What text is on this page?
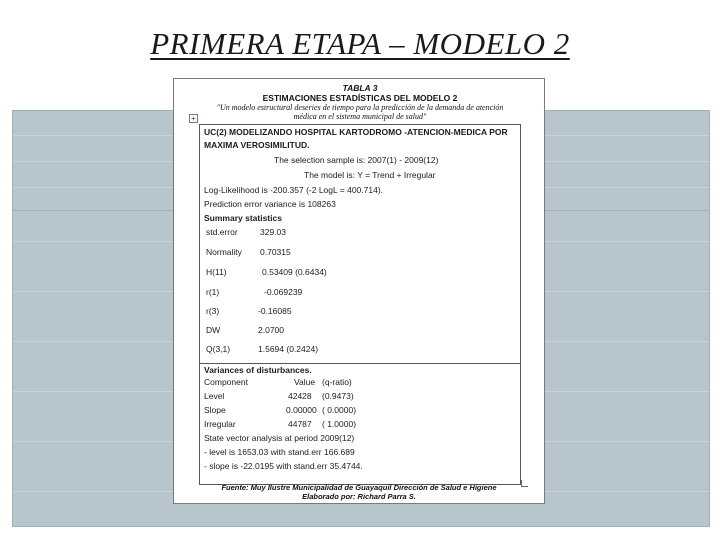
PRIMERA ETAPA – MODELO 2
TABLA 3
ESTIMACIONES ESTADÍSTICAS DEL MODELO 2
"Un modelo estructural deseries de tiempo para la predicción de la demanda de atención
médica en el sistema municipal de salud"
+
UC(2) MODELIZANDO HOSPITAL KARTODROMO -ATENCION-MEDICA POR
MAXIMA VEROSIMILITUD.
The selection sample is: 2007(1) - 2009(12)
The model is: Y = Trend + Irregular
Log-Likelihood is -200.357 (-2 LogL = 400.714).
Prediction error variance is 108263
Summary statistics
std.error	329.03
Normality 0.70315
H(11)	0.53409 (0.6434)
r(1)	-0.069239
r(3)	-0.16085
DW	2.0700
Q(3,1)	1.5694 (0.2424)
Variances of disturbances.
Component	Value (q-ratio)
Level	42428 (0.9473)
Slope	0.00000 ( 0.0000)
Irregular	44787 ( 1.0000)
State vector analysis at period 2009(12)
- level is 1653.03 with stand.err 166.689
- slope is -22.0195 with stand.err 35.4744.
Fuente: Muy Ilustre Municipalidad de Guayaquil Dirección de Salud e Higiene
Elaborado por: Richard Parra S.
